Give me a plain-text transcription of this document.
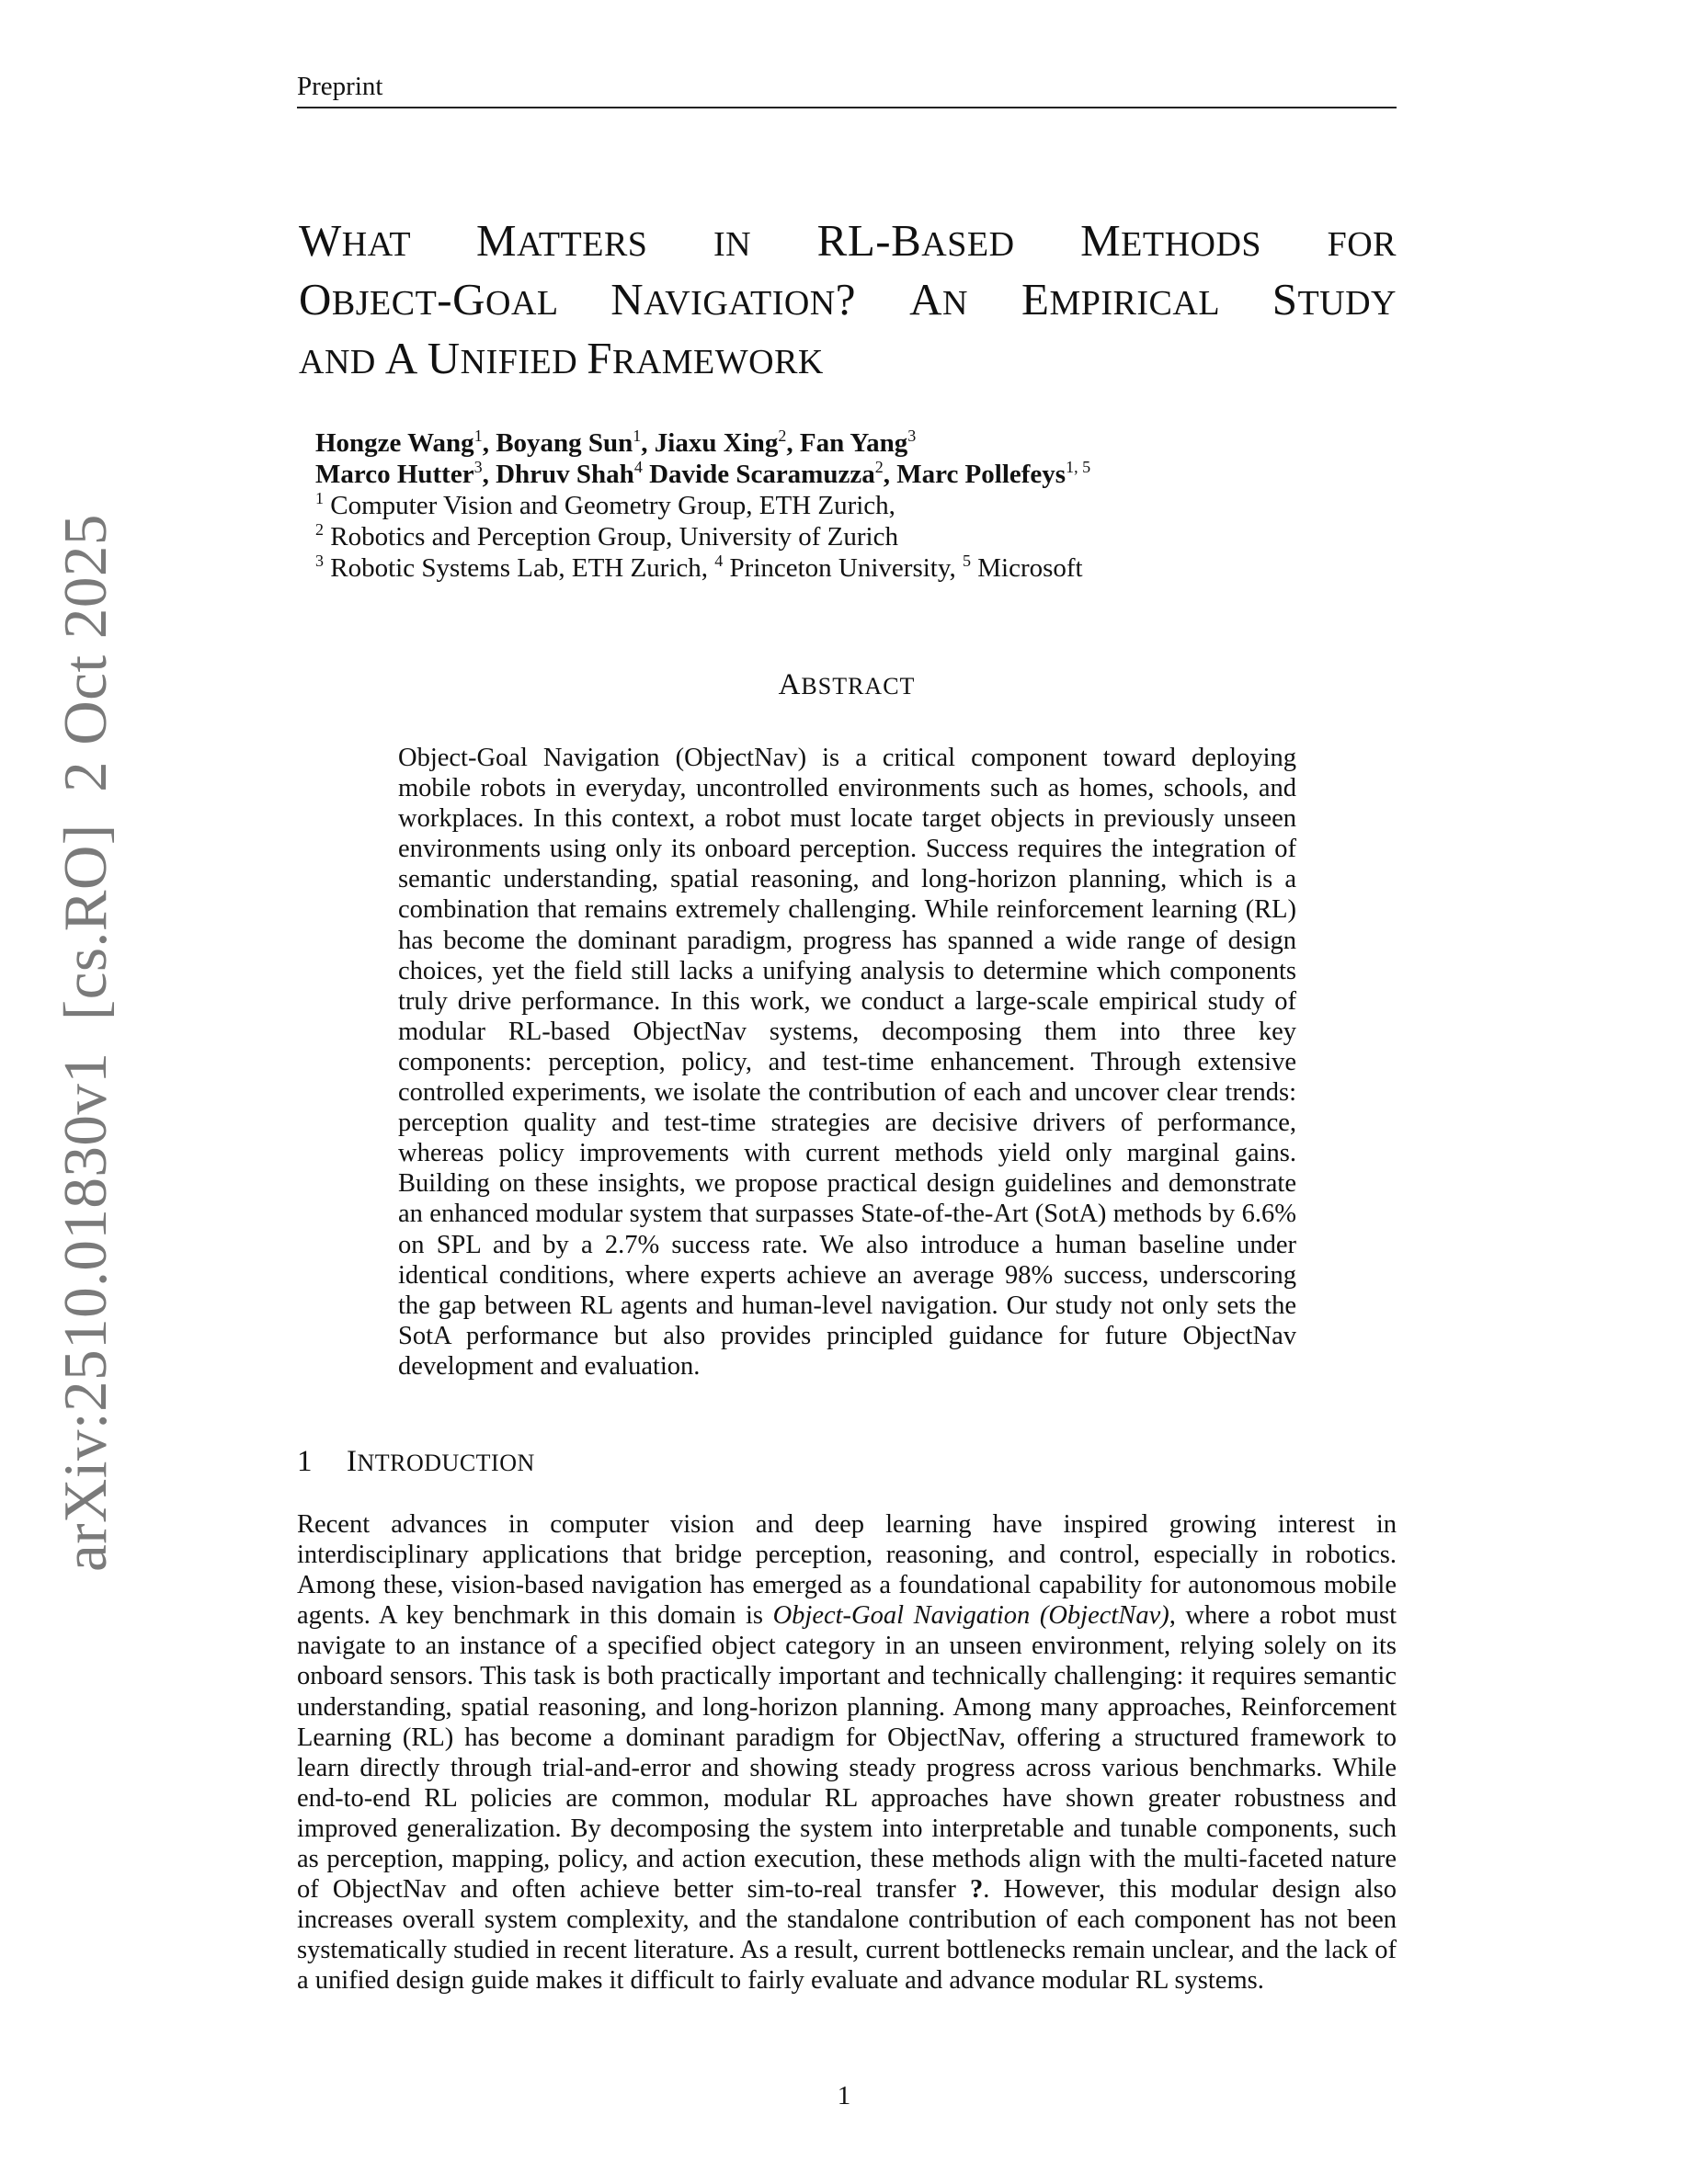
Preprint
WHAT MATTERS IN RL-BASED METHODS FOR
OBJECT-GOAL NAVIGATION? AN EMPIRICAL STUDY
AND A UNIFIED FRAMEWORK
Hongze Wang$^1$, Boyang Sun$^1$, Jiaxu Xing$^2$, Fan Yang$^3$
Marco Hutter$^3$, Dhruv Shah$^4$ Davide Scaramuzza$^2$, Marc Pollefeys$^{1, 5}$
$^1$ Computer Vision and Geometry Group, ETH Zurich,
$^2$ Robotics and Perception Group, University of Zurich
$^3$ Robotic Systems Lab, ETH Zurich, $^4$ Princeton University, $^5$ Microsoft
arXiv:2510.01830v1  [cs.RO]  2 Oct 2025	ABSTRACT
Object-Goal Navigation (ObjectNav) is a critical component toward deploying mobile robots in everyday, uncontrolled environments such as homes, schools, and workplaces. In this context, a robot must locate target objects in previously unseen environments using only its onboard perception. Success requires the integration of semantic understanding, spatial reasoning, and long-horizon planning, which is a combination that remains extremely challenging. While reinforcement learning (RL) has become the dominant paradigm, progress has spanned a wide range of design choices, yet the field still lacks a unifying analysis to determine which components truly drive performance. In this work, we conduct a large-scale empirical study of modular RL-based ObjectNav systems, decomposing them into three key components: perception, policy, and test-time enhancement. Through extensive controlled experiments, we isolate the contribution of each and uncover clear trends: perception quality and test-time strategies are decisive drivers of performance, whereas policy improvements with current methods yield only marginal gains. Building on these insights, we propose practical design guidelines and demonstrate an enhanced modular system that surpasses State-of-the-Art (SotA) methods by 6.6% on SPL and by a 2.7% success rate. We also introduce a human baseline under identical conditions, where experts achieve an average 98% success, underscoring the gap between RL agents and human-level navigation. Our study not only sets the SotA performance but also provides principled guidance for future ObjectNav development and evaluation.
1 INTRODUCTION
Recent advances in computer vision and deep learning have inspired growing interest in interdisciplinary applications that bridge perception, reasoning, and control, especially in robotics. Among these, vision-based navigation has emerged as a foundational capability for autonomous mobile agents. A key benchmark in this domain is Object-Goal Navigation (ObjectNav), where a robot must navigate to an instance of a specified object category in an unseen environment, relying solely on its onboard sensors. This task is both practically important and technically challenging: it requires semantic understanding, spatial reasoning, and long-horizon planning. Among many approaches, Reinforcement Learning (RL) has become a dominant paradigm for ObjectNav, offering a structured framework to learn directly through trial-and-error and showing steady progress across various benchmarks. While end-to-end RL policies are common, modular RL approaches have shown greater robustness and improved generalization. By decomposing the system into interpretable and tunable components, such as perception, mapping, policy, and action execution, these methods align with the multi-faceted nature of ObjectNav and often achieve better sim-to-real transfer ?. However, this modular design also increases overall system complexity, and the standalone contribution of each component has not been systematically studied in recent literature. As a result, current bottlenecks remain unclear, and the lack of a unified design guide makes it difficult to fairly evaluate and advance modular RL systems.
1
